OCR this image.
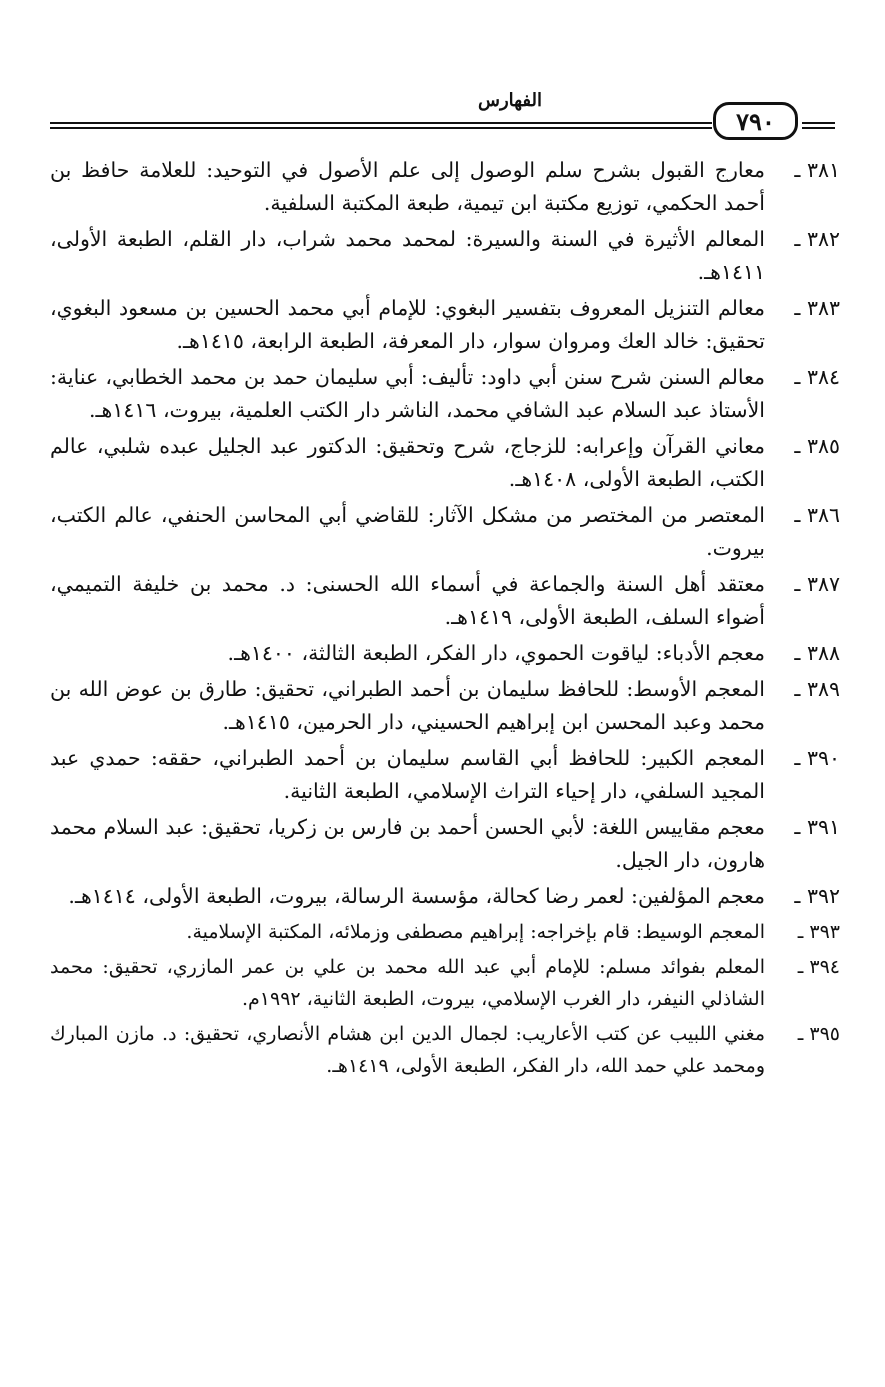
الفهارس
٧٩٠
٣٨١ ـ
معارج القبول بشرح سلم الوصول إلى علم الأصول في التوحيد: للعلامة حافظ بن أحمد الحكمي، توزيع مكتبة ابن تيمية، طبعة المكتبة السلفية.
٣٨٢ ـ
المعالم الأثيرة في السنة والسيرة: لمحمد محمد شراب، دار القلم، الطبعة الأولى، ١٤١١هـ.
٣٨٣ ـ
معالم التنزيل المعروف بتفسير البغوي: للإمام أبي محمد الحسين بن مسعود البغوي، تحقيق: خالد العك ومروان سوار، دار المعرفة، الطبعة الرابعة، ١٤١٥هـ.
٣٨٤ ـ
معالم السنن شرح سنن أبي داود: تأليف: أبي سليمان حمد بن محمد الخطابي، عناية: الأستاذ عبد السلام عبد الشافي محمد، الناشر دار الكتب العلمية، بيروت، ١٤١٦هـ.
٣٨٥ ـ
معاني القرآن وإعرابه: للزجاج، شرح وتحقيق: الدكتور عبد الجليل عبده شلبي، عالم الكتب، الطبعة الأولى، ١٤٠٨هـ.
٣٨٦ ـ
المعتصر من المختصر من مشكل الآثار: للقاضي أبي المحاسن الحنفي، عالم الكتب، بيروت.
٣٨٧ ـ
معتقد أهل السنة والجماعة في أسماء الله الحسنى: د. محمد بن خليفة التميمي، أضواء السلف، الطبعة الأولى، ١٤١٩هـ.
٣٨٨ ـ
معجم الأدباء: لياقوت الحموي، دار الفكر، الطبعة الثالثة، ١٤٠٠هـ.
٣٨٩ ـ
المعجم الأوسط: للحافظ سليمان بن أحمد الطبراني، تحقيق: طارق بن عوض الله بن محمد وعبد المحسن ابن إبراهيم الحسيني، دار الحرمين، ١٤١٥هـ.
٣٩٠ ـ
المعجم الكبير: للحافظ أبي القاسم سليمان بن أحمد الطبراني، حققه: حمدي عبد المجيد السلفي، دار إحياء التراث الإسلامي، الطبعة الثانية.
٣٩١ ـ
معجم مقاييس اللغة: لأبي الحسن أحمد بن فارس بن زكريا، تحقيق: عبد السلام محمد هارون، دار الجيل.
٣٩٢ ـ
معجم المؤلفين: لعمر رضا كحالة، مؤسسة الرسالة، بيروت، الطبعة الأولى، ١٤١٤هـ.
٣٩٣ ـ
المعجم الوسيط: قام بإخراجه: إبراهيم مصطفى وزملائه، المكتبة الإسلامية.
٣٩٤ ـ
المعلم بفوائد مسلم: للإمام أبي عبد الله محمد بن علي بن عمر المازري، تحقيق: محمد الشاذلي النيفر، دار الغرب الإسلامي، بيروت، الطبعة الثانية، ١٩٩٢م.
٣٩٥ ـ
مغني اللبيب عن كتب الأعاريب: لجمال الدين ابن هشام الأنصاري، تحقيق: د. مازن المبارك ومحمد علي حمد الله، دار الفكر، الطبعة الأولى، ١٤١٩هـ.
